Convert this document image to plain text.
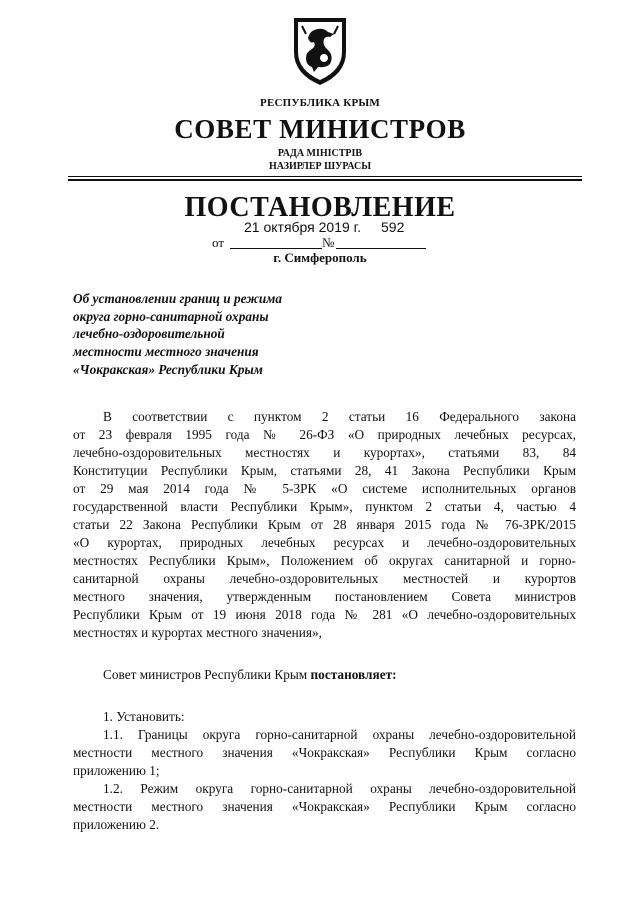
РЕСПУБЛИКА КРЫМ
СОВЕТ МИНИСТРОВ
РАДА МІНІСТРІВ
НАЗИРЛЕР ШУРАСЫ
ПОСТАНОВЛЕНИЕ
21 октября 2019 г. 592
от	№
г. Симферополь
Об установлении границ и режима
округа горно-санитарной охраны
лечебно-оздоровительной
местности местного значения
«Чокракская» Республики Крым
В соответствии с пунктом 2 статьи 16 Федерального закона
от 23 февраля 1995 года № 26-ФЗ «О природных лечебных ресурсах,
лечебно-оздоровительных местностях и курортах», статьями 83, 84
Конституции Республики Крым, статьями 28, 41 Закона Республики Крым
от 29 мая 2014 года № 5-ЗРК «О системе исполнительных органов
государственной власти Республики Крым», пунктом 2 статьи 4, частью 4
статьи 22 Закона Республики Крым от 28 января 2015 года № 76-ЗРК/2015
«О курортах, природных лечебных ресурсах и лечебно-оздоровительных
местностях Республики Крым», Положением об округах санитарной и горно-
санитарной охраны лечебно-оздоровительных местностей и курортов
местного значения, утвержденным постановлением Совета министров
Республики Крым от 19 июня 2018 года № 281 «О лечебно-оздоровительных
местностях и курортах местного значения»,
Совет министров Республики Крым постановляет:
1. Установить:
1.1. Границы округа горно-санитарной охраны лечебно-оздоровительной
местности местного значения «Чокракская» Республики Крым согласно
приложению 1;
1.2. Режим округа горно-санитарной охраны лечебно-оздоровительной
местности местного значения «Чокракская» Республики Крым согласно
приложению 2.
